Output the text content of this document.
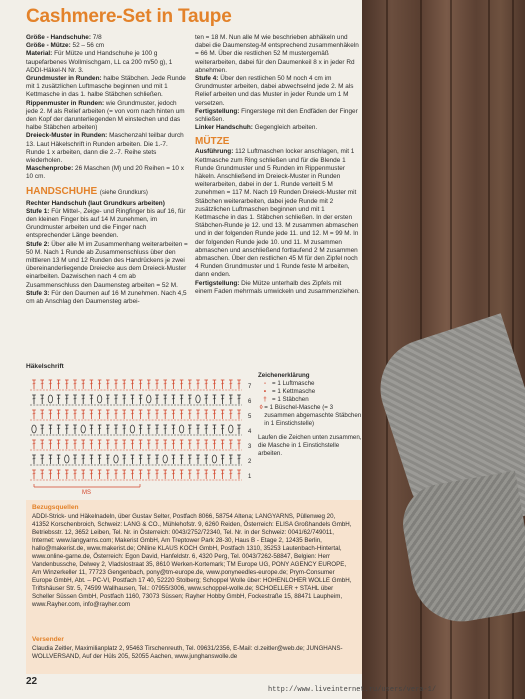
Cashmere-Set in Taupe

Größe - Handschuhe: 7/8

Größe - Mütze: 52 – 56 cm

Material: Für Mütze und Handschuhe je 100 g taupefarbenes Wollmischgarn, LL ca 200 m/50 g), 1 ADDI-Häkel-N Nr. 3.

Grundmuster in Runden: halbe Stäbchen. Jede Runde mit 1 zusätzlichen Luftmasche beginnen und mit 1 Kettmasche in das 1. halbe Stäbchen schließen.

Rippenmuster in Runden: wie Grundmuster, jedoch jede 2. M als Relief arbeiten (= von vorn nach hinten um den Kopf der darunterliegenden M einstechen und das halbe Stäbchen arbeiten)

Dreieck-Muster in Runden: Maschenzahl teilbar durch 13. Laut Häkelschrift in Runden arbeiten. Die 1.-7. Runde 1 x arbeiten, dann die 2.-7. Reihe stets wiederholen.

Maschenprobe: 26 Maschen (M) und 20 Reihen = 10 x 10 cm.

HANDSCHUHE (siehe Grundkurs)

Rechter Handschuh (laut Grundkurs arbeiten)

Stufe 1: Für Mittel-, Zeige- und Ringfinger bis auf 16, für den kleinen Finger bis auf 14 M zunehmen, im Grundmuster arbeiten und die Finger nach entsprechender Länge beenden.

Stufe 2: Über alle M im Zusammenhang weiterarbeiten = 50 M. Nach 1 Runde ab Zusammenschluss über den mittleren 13 M und 12 Runden des Handrückens je zwei übereinanderliegende Dreiecke aus dem Dreieck-Muster einarbeiten. Dazwischen nach 4 cm ab Zusammenschluss den Daumensteg arbeiten = 52 M.

Stufe 3: Für den Daumen auf 16 M zunehmen. Nach 4,5 cm ab Anschlag den Daumensteg arbei-

ten = 18 M. Nun alle M wie beschrieben abhäkeln und dabei die Daumensteg-M entsprechend zusammenhäkeln = 66 M. Über die restlichen 52 M mustergemäß weiterarbeiten, dabei für den Daumenkeil 8 x in jeder Rd abnehmen.

Stufe 4: Über den restlichen 50 M noch 4 cm im Grundmuster arbeiten, dabei abwechselnd jede 2. M als Relief arbeiten und das Muster in jeder Runde um 1 M versetzen.

Fertigstellung: Fingerstege mit den Endfäden der Finger schließen.

Linker Handschuh: Gegengleich arbeiten.

MÜTZE

Ausführung: 112 Luftmaschen locker anschlagen, mit 1 Kettmasche zum Ring schließen und für die Blende 1 Runde Grundmuster und 5 Runden im Rippenmuster häkeln. Anschließend im Dreieck-Muster in Runden weiterarbeiten, dabei in der 1. Runde verteilt 5 M zunehmen = 117 M. Nach 19 Runden Dreieck-Muster mit Stäbchen weiterarbeiten, dabei jede Runde mit 2 zusätzlichen Luftmaschen beginnen und mit 1 Kettmasche in das 1. Stäbchen schließen. In der ersten Stäbchen-Runde je 12. und 13. M zusammen abmaschen und in der folgenden Runde jede 11. und 12. M = 99 M. In der folgenden Runde jede 10. und 11. M zusammen abmaschen und anschließend fortlaufend 2 M zusammen abmaschen. Über den restlichen 45 M für den Zipfel noch 4 Runden Grundmuster und 1 Runde feste M arbeiten, dann enden.

Fertigstellung: Die Mütze unterhalb des Zipfels mit einem Faden mehrmals umwickeln und zusammenziehen.

Häkelschrift
7
6
5
4
3
2
1
MS
Zeichenerklärung
- = 1 Luftmasche
• = 1 Kettmasche
† = 1 Stäbchen
◊ = 1 Büschel-Masche (= 3 zusammen abgemaschte Stäbchen in 1 Einstichstelle)
Laufen die Zeichen unten zusammen, die Masche in 1 Einstichstelle arbeiten.
Bezugsquellen
ADDI-Strick- und Häkelnadeln, über Gustav Selter, Postfach 8066, 58754 Altena; LANGYARNS, Püllenweg 20, 41352 Korschenbroich, Schweiz: LANG & CO., Mühlehofstr. 9, 6260 Reiden, Österreich: ELISA Großhandels GmbH, Betriebsstr. 12, 3652 Leiben, Tel. Nr. in Österreich: 0043/2752/72340, Tel. Nr. in der Schweiz: 0041/62/749011, Internet: www.langyarns.com; Makerist GmbH, Am Treptower Park 28-30, Haus B - Etage 2, 12435 Berlin, hallo@makerist.de, www.makerist.de; ONline KLAUS KOCH GmbH, Postfach 1310, 35253 Lautenbach-Hintertal, www.online-garne.de, Österreich: Egon David, Hanfeldstr. 6, 4320 Perg, Tel. 0043/7262-58847, Belgien: Herr Vandenbussche, Delwey 2, Vladslostraat 35, 8610 Werken-Kortemark; TM Europe UG, PONY AGENCY EUROPE, Am Winzerkeller 11, 77723 Gengenbach, pony@tm-europe.de, www.ponyneedles-europe.de; Prym-Consumer Europe GmbH, Abt. – PC-VI, Postfach 17 40, 52220 Stolberg; Schoppel Wolle über: HOHENLOHER WOLLE GmbH, Triftshäuser Str. 5, 74599 Wallhausen, Tel.: 07955/3006, www.schoppel-wolle.de; SCHOELLER + STAHL über Scheller Süssen GmbH, Postfach 1160, 73073 Süssen; Rayher Hobby GmbH, Fockestraße 15, 88471 Laupheim, www.Rayher.com, info@rayher.com
Versender
Claudia Zeitler, Maximilianplatz 2, 95463 Tirschenreuth, Tel. 09631/2356, E-Mail: cl.zeitler@web.de; JUNGHANS-WOLLVERSAND, Auf der Hüls 205, 52055 Aachen, www.junghanswolle.de
22
http://www.liveinternet.ru/users/vera-1/
